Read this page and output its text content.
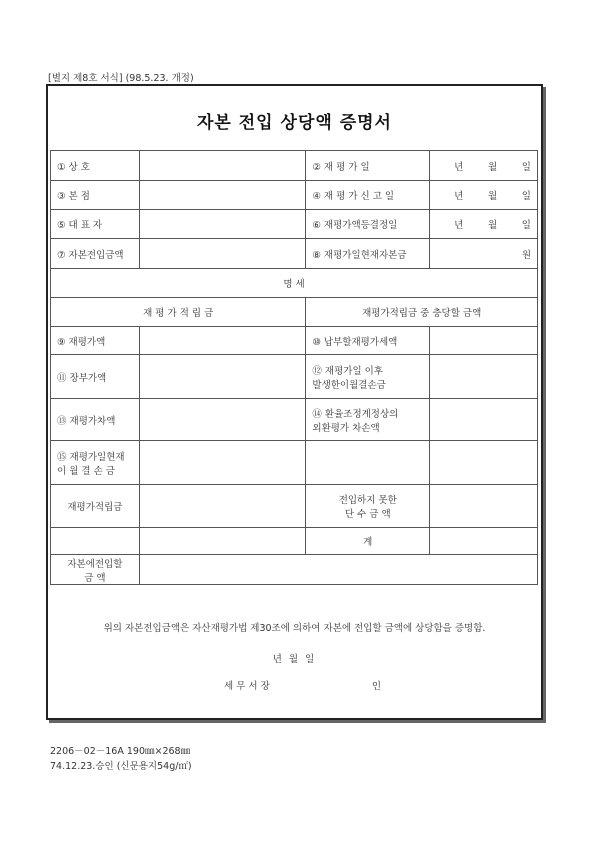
[별지 제8호 서식] (98.5.23. 개정)
자본 전입 상당액 증명서
① 상 호		② 재 평 가 일	년 월 일

③ 본 점		④ 재 평 가 신 고 일	년 월 일

⑤ 대 표 자		⑥ 재평가액등결정일	년 월 일

⑦ 자본전입금액		⑧ 재평가일현재자본금	원
명 세			
재 평 가 적 립 금		재평가적립금 중 충당할 금액	
⑨ 재평가액		⑩ 납부할재평가세액	
⑪ 장부가액		⑫ 재평가일 이후
발생한이월결손금	

⑬ 재평가차액		⑭ 환율조정계정상의
외환평가 차손액	

⑮ 재평가일현재
이 월 결 손 금			

재평가적립금		전입하지 못한
단 수 금 액	

		계	

자본에전입할
금 액			

위의 자본전입금액은 자산재평가법 제30조에 의하여 자본에 전입할 금액에 상당함을 증명함.
년 월 일
세 무 서 장	인
2206－02－16A 190㎜×268㎜
74.12.23.승인 (신문용지54g/㎡)
